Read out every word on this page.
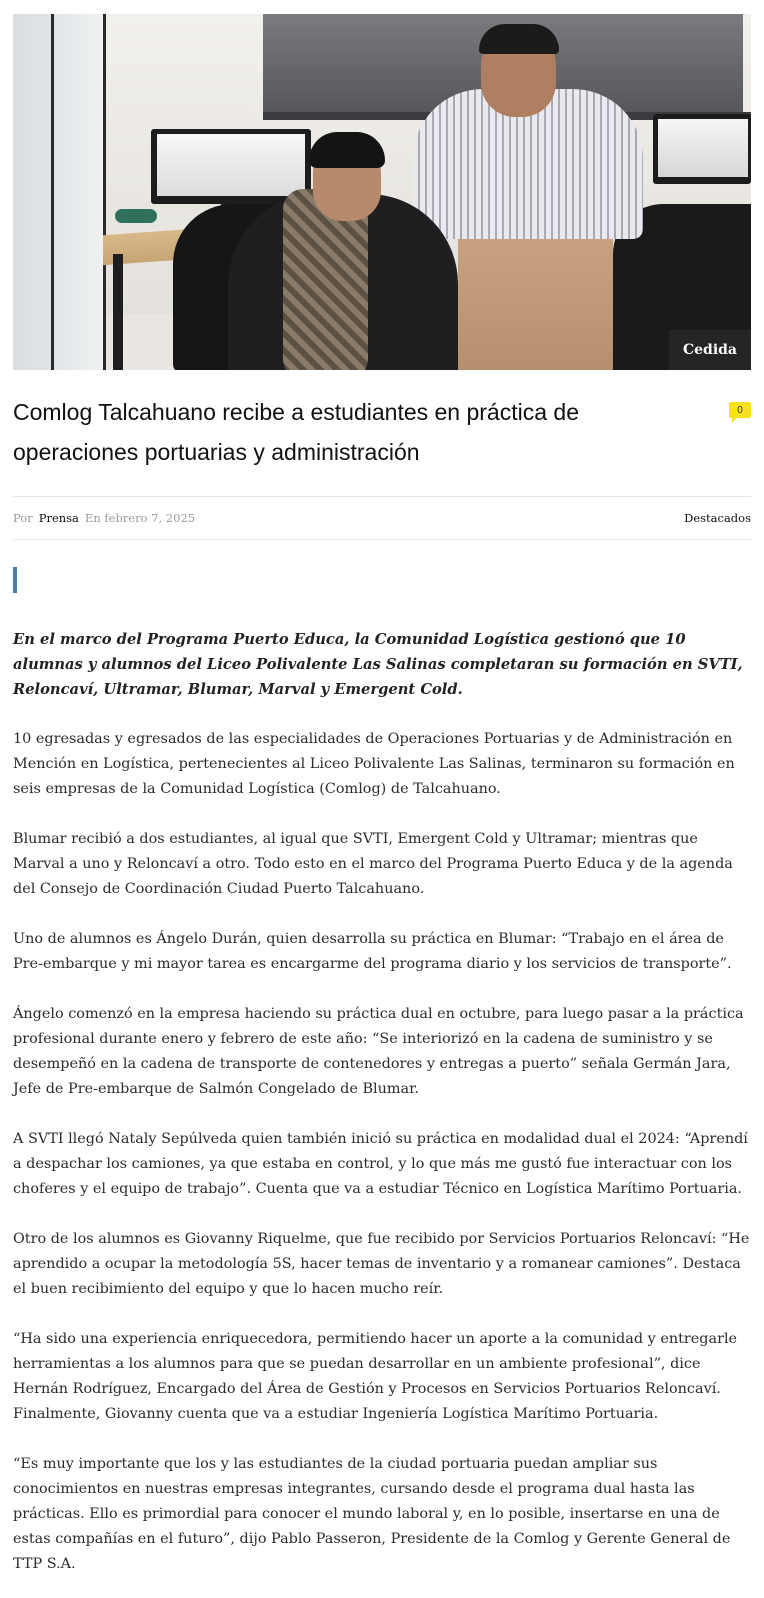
Cedida
Comlog Talcahuano recibe a estudiantes en práctica de operaciones portuarias y administración
0
Por Prensa En febrero 7, 2025	Destacados

En el marco del Programa Puerto Educa, la Comunidad Logística gestionó que 10 alumnas y alumnos del Liceo Polivalente Las Salinas completaran su formación en SVTI, Reloncaví, Ultramar, Blumar, Marval y Emergent Cold.

10 egresadas y egresados de las especialidades de Operaciones Portuarias y de Administración en Mención en Logística, pertenecientes al Liceo Polivalente Las Salinas, terminaron su formación en seis empresas de la Comunidad Logística (Comlog) de Talcahuano.

Blumar recibió a dos estudiantes, al igual que SVTI, Emergent Cold y Ultramar; mientras que Marval a uno y Reloncaví a otro. Todo esto en el marco del Programa Puerto Educa y de la agenda del Consejo de Coordinación Ciudad Puerto Talcahuano.

Uno de alumnos es Ángelo Durán, quien desarrolla su práctica en Blumar: “Trabajo en el área de Pre-embarque y mi mayor tarea es encargarme del programa diario y los servicios de transporte”.

Ángelo comenzó en la empresa haciendo su práctica dual en octubre, para luego pasar a la práctica profesional durante enero y febrero de este año: “Se interiorizó en la cadena de suministro y se desempeñó en la cadena de transporte de contenedores y entregas a puerto” señala Germán Jara, Jefe de Pre-embarque de Salmón Congelado de Blumar.

A SVTI llegó Nataly Sepúlveda quien también inició su práctica en modalidad dual el 2024: “Aprendí a despachar los camiones, ya que estaba en control, y lo que más me gustó fue interactuar con los choferes y el equipo de trabajo”. Cuenta que va a estudiar Técnico en Logística Marítimo Portuaria.

Otro de los alumnos es Giovanny Riquelme, que fue recibido por Servicios Portuarios Reloncaví: “He aprendido a ocupar la metodología 5S, hacer temas de inventario y a romanear camiones”. Destaca el buen recibimiento del equipo y que lo hacen mucho reír.

“Ha sido una experiencia enriquecedora, permitiendo hacer un aporte a la comunidad y entregarle herramientas a los alumnos para que se puedan desarrollar en un ambiente profesional”, dice Hernán Rodríguez, Encargado del Área de Gestión y Procesos en Servicios Portuarios Reloncaví. Finalmente, Giovanny cuenta que va a estudiar Ingeniería Logística Marítimo Portuaria.

“Es muy importante que los y las estudiantes de la ciudad portuaria puedan ampliar sus conocimientos en nuestras empresas integrantes, cursando desde el programa dual hasta las prácticas. Ello es primordial para conocer el mundo laboral y, en lo posible, insertarse en una de estas compañías en el futuro”, dijo Pablo Passeron, Presidente de la Comlog y Gerente General de TTP S.A.
